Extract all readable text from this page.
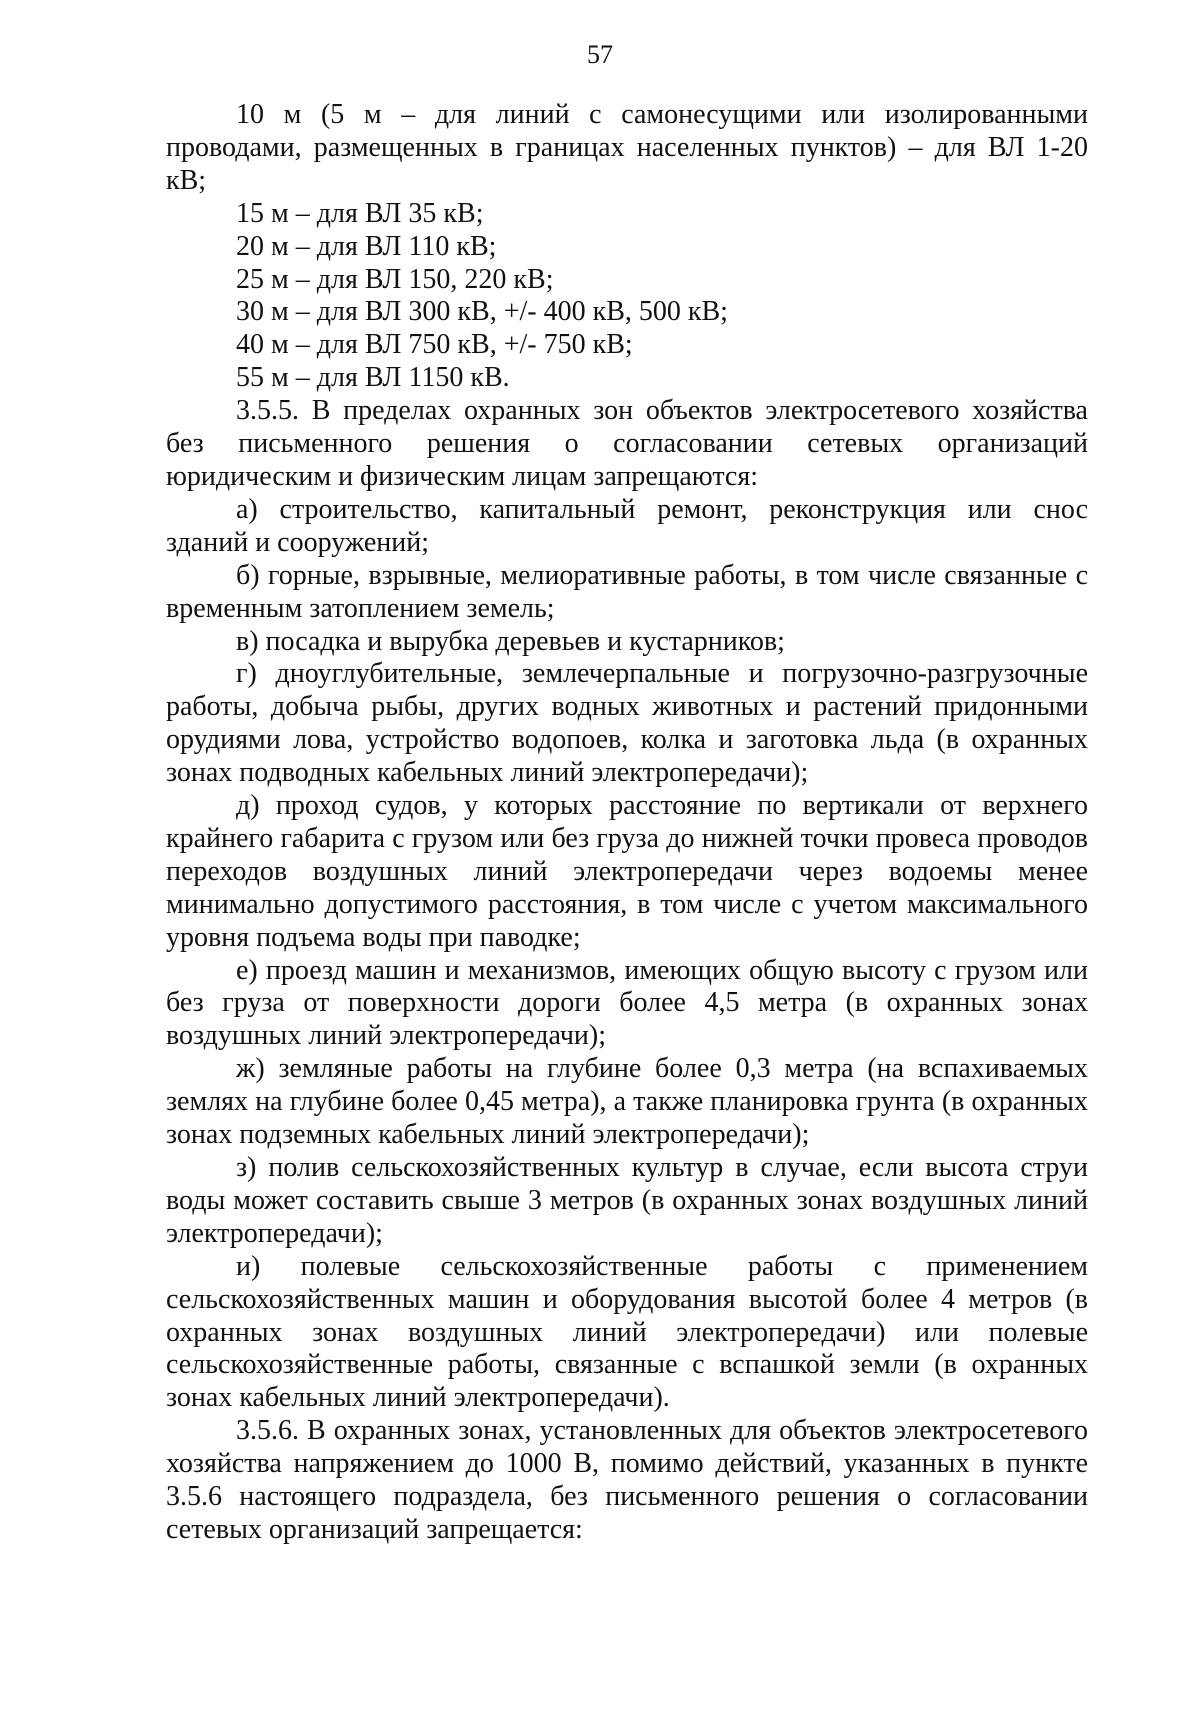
57

10 м (5 м – для линий с самонесущими или изолированными проводами, размещенных в границах населенных пунктов) – для ВЛ 1-20 кВ;

15 м – для ВЛ 35 кВ;

20 м – для ВЛ 110 кВ;

25 м – для ВЛ 150, 220 кВ;

30 м – для ВЛ 300 кВ, +/- 400 кВ, 500 кВ;

40 м – для ВЛ 750 кВ, +/- 750 кВ;

55 м – для ВЛ 1150 кВ.

3.5.5. В пределах охранных зон объектов электросетевого хозяйства без письменного решения о согласовании сетевых организаций юридическим и физическим лицам запрещаются:

а) строительство, капитальный ремонт, реконструкция или снос зданий и сооружений;

б) горные, взрывные, мелиоративные работы, в том числе связанные с временным затоплением земель;

в) посадка и вырубка деревьев и кустарников;

г) дноуглубительные, землечерпальные и погрузочно-разгрузочные работы, добыча рыбы, других водных животных и растений придонными орудиями лова, устройство водопоев, колка и заготовка льда (в охранных зонах подводных кабельных линий электропередачи);

д) проход судов, у которых расстояние по вертикали от верхнего крайнего габарита с грузом или без груза до нижней точки провеса проводов переходов воздушных линий электропередачи через водоемы менее минимально допустимого расстояния, в том числе с учетом максимального уровня подъема воды при паводке;

е) проезд машин и механизмов, имеющих общую высоту с грузом или без груза от поверхности дороги более 4,5 метра (в охранных зонах воздушных линий электропередачи);

ж) земляные работы на глубине более 0,3 метра (на вспахиваемых землях на глубине более 0,45 метра), а также планировка грунта (в охранных зонах подземных кабельных линий электропередачи);

з) полив сельскохозяйственных культур в случае, если высота струи воды может составить свыше 3 метров (в охранных зонах воздушных линий электропередачи);

и) полевые сельскохозяйственные работы с применением сельскохозяйственных машин и оборудования высотой более 4 метров (в охранных зонах воздушных линий электропередачи) или полевые сельскохозяйственные работы, связанные с вспашкой земли (в охранных зонах кабельных линий электропередачи).

3.5.6. В охранных зонах, установленных для объектов электросетевого хозяйства напряжением до 1000 В, помимо действий, указанных в пункте 3.5.6 настоящего подраздела, без письменного решения о согласовании сетевых организаций запрещается:
